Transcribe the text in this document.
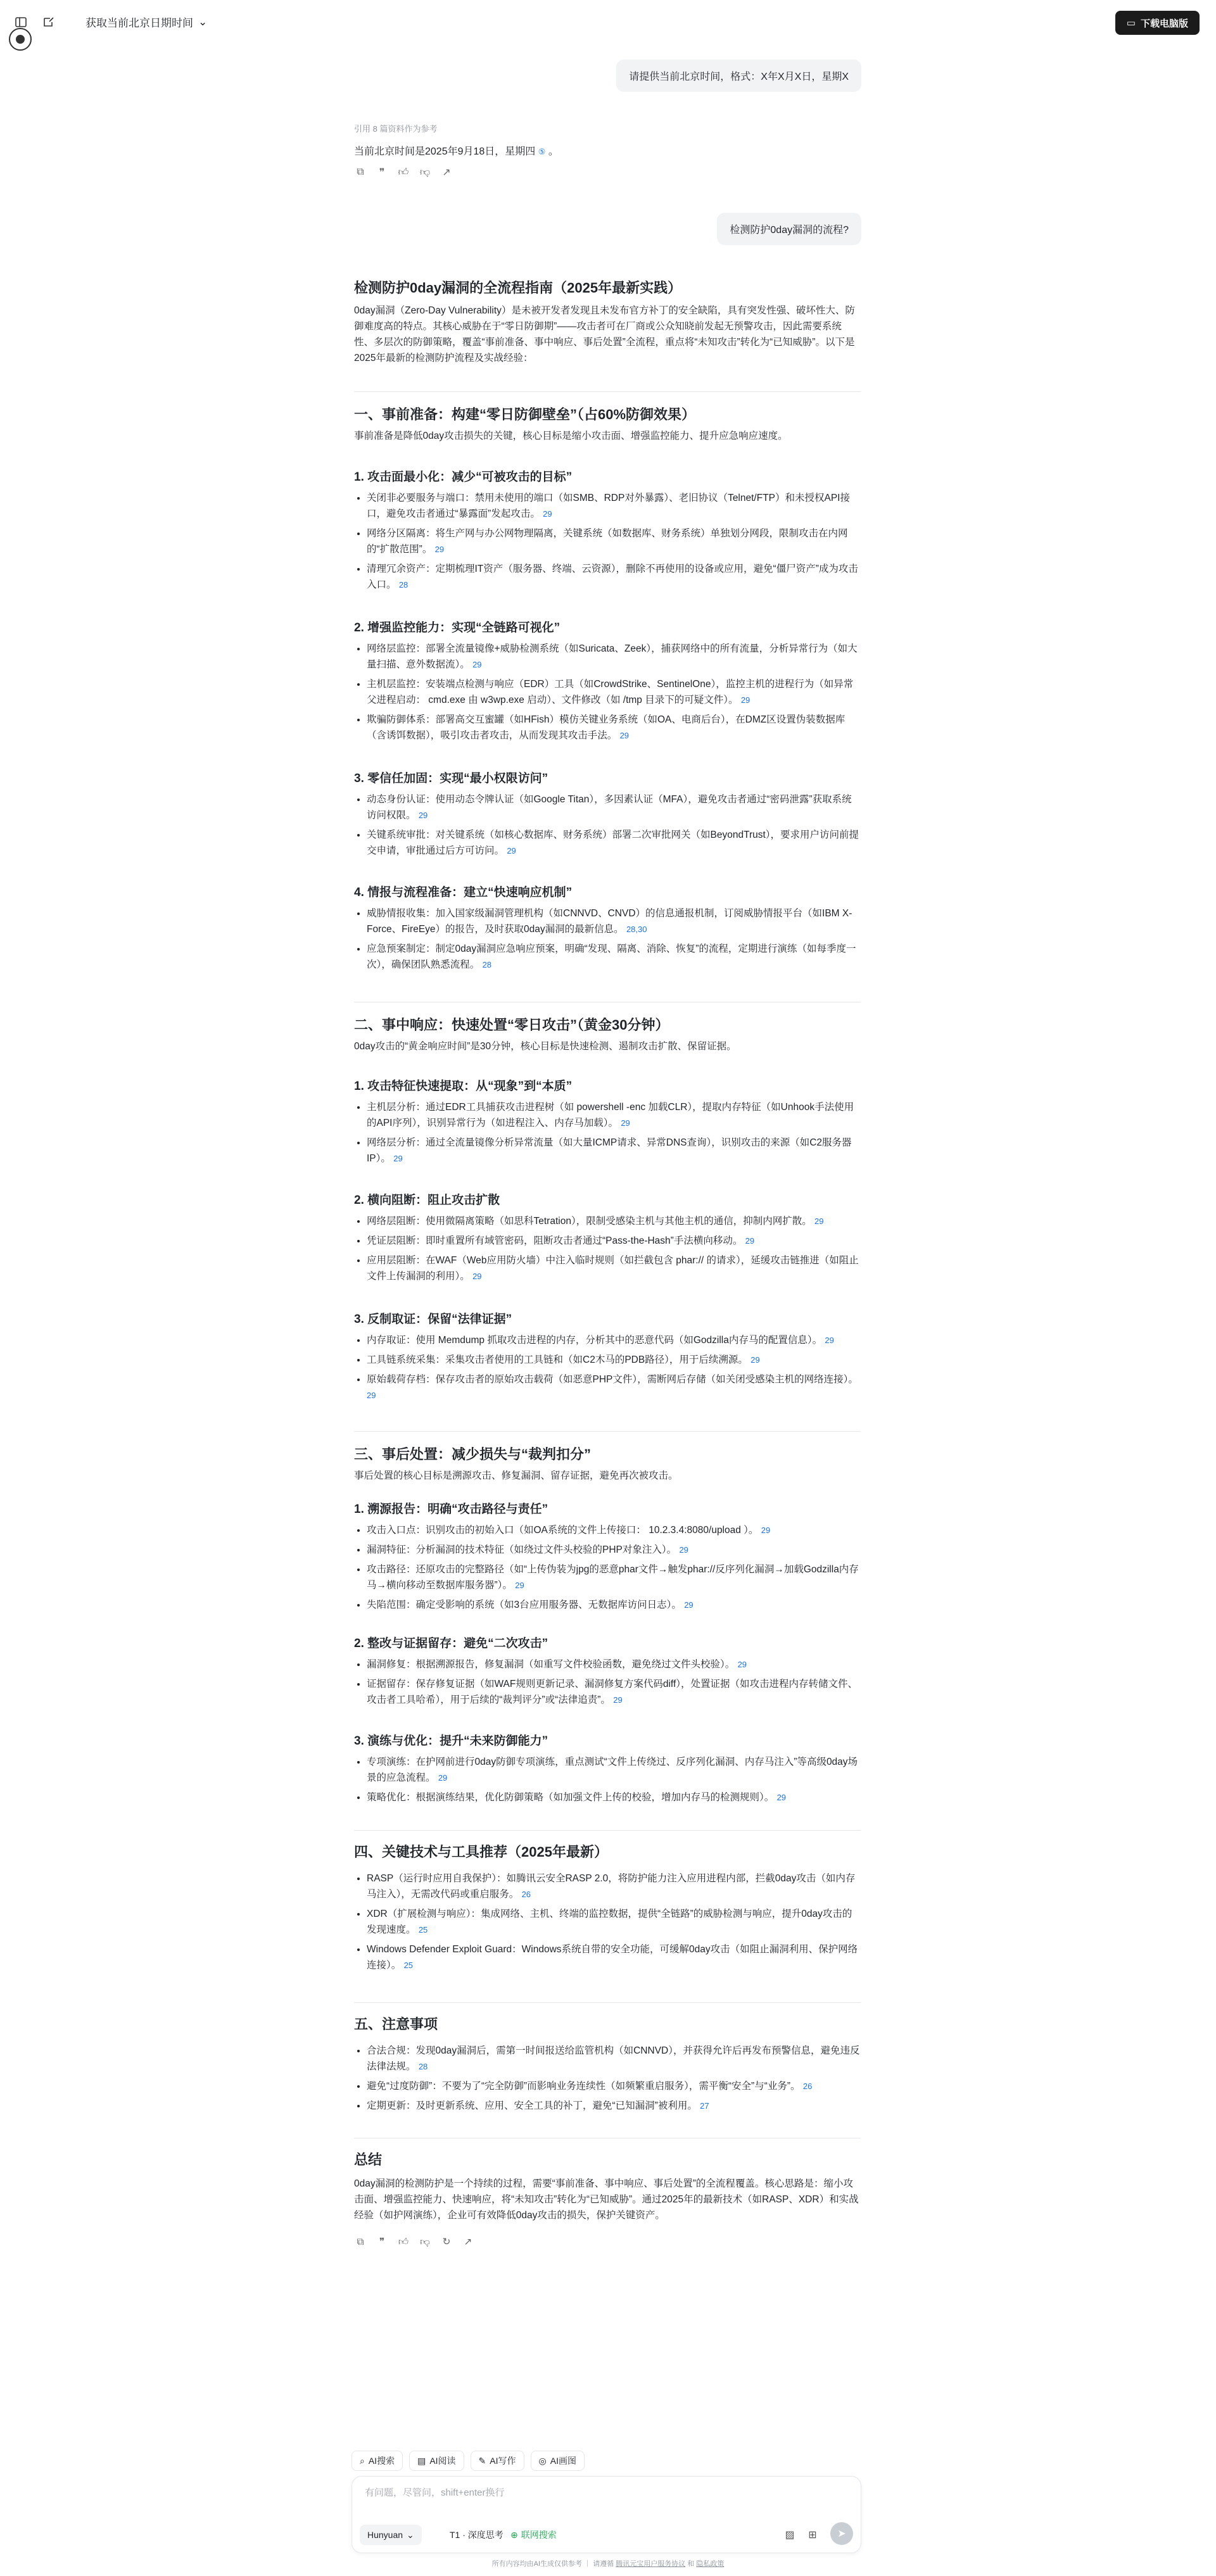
获取当前北京日期时间 ⌄	▭ 下载电脑版
请提供当前北京时间，格式：X年X月X日，星期X
引用 8 篇资料作为参考
当前北京时间是2025年9月18日，星期四 ⑤ 。
⧉	❞	👍︎ 👎︎ ↗
检测防护0day漏洞的流程?
检测防护0day漏洞的全流程指南（2025年最新实践）

0day漏洞（Zero-Day Vulnerability）是未被开发者发现且未发布官方补丁的安全缺陷，具有突发性强、破坏性大、防御难度高的特点。其核心威胁在于“零日防御期”——攻击者可在厂商或公众知晓前发起无预警攻击，因此需要系统性、多层次的防御策略，覆盖“事前准备、事中响应、事后处置”全流程，重点将“未知攻击”转化为“已知威胁”。以下是2025年最新的检测防护流程及实战经验：

一、事前准备：构建“零日防御壁垒”（占60%防御效果）

事前准备是降低0day攻击损失的关键，核心目标是缩小攻击面、增强监控能力、提升应急响应速度。

1. 攻击面最小化：减少“可被攻击的目标”
• 关闭非必要服务与端口：禁用未使用的端口（如SMB、RDP对外暴露）、老旧协议（Telnet/FTP）和未授权API接口，避免攻击者通过“暴露面”发起攻击。 29
• 网络分区隔离：将生产网与办公网物理隔离，关键系统（如数据库、财务系统）单独划分网段，限制攻击在内网的“扩散范围”。 29
• 清理冗余资产：定期梳理IT资产（服务器、终端、云资源），删除不再使用的设备或应用，避免“僵尸资产”成为攻击入口。 28
2. 增强监控能力：实现“全链路可视化”
• 网络层监控：部署全流量镜像+威胁检测系统（如Suricata、Zeek），捕获网络中的所有流量，分析异常行为（如大量扫描、意外数据流）。 29
• 主机层监控：安装端点检测与响应（EDR）工具（如CrowdStrike、SentinelOne），监控主机的进程行为（如异常父进程启动： cmd.exe 由 w3wp.exe 启动）、文件修改（如 /tmp 目录下的可疑文件）。 29
• 欺骗防御体系：部署高交互蜜罐（如HFish）模仿关键业务系统（如OA、电商后台），在DMZ区设置伪装数据库（含诱饵数据），吸引攻击者攻击，从而发现其攻击手法。 29
3. 零信任加固：实现“最小权限访问”
• 动态身份认证：使用动态令牌认证（如Google Titan），多因素认证（MFA），避免攻击者通过“密码泄露”获取系统访问权限。 29
• 关键系统审批：对关键系统（如核心数据库、财务系统）部署二次审批网关（如BeyondTrust），要求用户访问前提交申请，审批通过后方可访问。 29
4. 情报与流程准备：建立“快速响应机制”
• 威胁情报收集：加入国家级漏洞管理机构（如CNNVD、CNVD）的信息通报机制，订阅威胁情报平台（如IBM X-Force、FireEye）的报告，及时获取0day漏洞的最新信息。 28,30
• 应急预案制定：制定0day漏洞应急响应预案，明确“发现、隔离、消除、恢复”的流程，定期进行演练（如每季度一次），确保团队熟悉流程。 28
二、事中响应：快速处置“零日攻击”（黄金30分钟）

0day攻击的“黄金响应时间”是30分钟，核心目标是快速检测、遏制攻击扩散、保留证据。

1. 攻击特征快速提取：从“现象”到“本质”
• 主机层分析：通过EDR工具捕获攻击进程树（如 powershell -enc 加载CLR），提取内存特征（如Unhook手法使用的API序列），识别异常行为（如进程注入、内存马加载）。 29
• 网络层分析：通过全流量镜像分析异常流量（如大量ICMP请求、异常DNS查询），识别攻击的来源（如C2服务器IP）。 29
2. 横向阻断：阻止攻击扩散
• 网络层阻断：使用微隔离策略（如思科Tetration），限制受感染主机与其他主机的通信，抑制内网扩散。 29
• 凭证层阻断：即时重置所有域管密码，阻断攻击者通过“Pass-the-Hash”手法横向移动。 29
• 应用层阻断：在WAF（Web应用防火墙）中注入临时规则（如拦截包含 phar:// 的请求），延缓攻击链推进（如阻止文件上传漏洞的利用）。 29
3. 反制取证：保留“法律证据”
• 内存取证：使用 Memdump 抓取攻击进程的内存，分析其中的恶意代码（如Godzilla内存马的配置信息）。 29
• 工具链系统采集：采集攻击者使用的工具链和（如C2木马的PDB路径），用于后续溯源。 29
• 原始载荷存档：保存攻击者的原始攻击载荷（如恶意PHP文件），需断网后存储（如关闭受感染主机的网络连接）。 29
三、事后处置：减少损失与“裁判扣分”

事后处置的核心目标是溯源攻击、修复漏洞、留存证据，避免再次被攻击。

1. 溯源报告：明确“攻击路径与责任”
• 攻击入口点：识别攻击的初始入口（如OA系统的文件上传接口： 10.2.3.4:8080/upload ）。 29
• 漏洞特征：分析漏洞的技术特征（如绕过文件头校验的PHP对象注入）。 29
• 攻击路径：还原攻击的完整路径（如“上传伪装为jpg的恶意phar文件→触发phar://反序列化漏洞→加载Godzilla内存马→横向移动至数据库服务器”）。 29
• 失陷范围：确定受影响的系统（如3台应用服务器、无数据库访问日志）。 29
2. 整改与证据留存：避免“二次攻击”
• 漏洞修复：根据溯源报告，修复漏洞（如重写文件校验函数，避免绕过文件头校验）。 29
• 证据留存：保存修复证据（如WAF规则更新记录、漏洞修复方案代码diff），处置证据（如攻击进程内存转储文件、攻击者工具哈希），用于后续的“裁判评分”或“法律追责”。 29
3. 演练与优化：提升“未来防御能力”
• 专项演练：在护网前进行0day防御专项演练，重点测试“文件上传绕过、反序列化漏洞、内存马注入”等高级0day场景的应急流程。 29
• 策略优化：根据演练结果，优化防御策略（如加强文件上传的校验，增加内存马的检测规则）。 29
四、关键技术与工具推荐（2025年最新）
• RASP（运行时应用自我保护）：如腾讯云安全RASP 2.0，将防护能力注入应用进程内部，拦截0day攻击（如内存马注入），无需改代码或重启服务。 26
• XDR（扩展检测与响应）：集成网络、主机、终端的监控数据，提供“全链路”的威胁检测与响应，提升0day攻击的发现速度。 25
• Windows Defender Exploit Guard：Windows系统自带的安全功能，可缓解0day攻击（如阻止漏洞利用、保护网络连接）。 25
五、注意事项
• 合法合规：发现0day漏洞后，需第一时间报送给监管机构（如CNNVD），并获得允许后再发布预警信息，避免违反法律法规。 28
• 避免“过度防御”：不要为了“完全防御”而影响业务连续性（如频繁重启服务），需平衡“安全”与“业务”。 26
• 定期更新：及时更新系统、应用、安全工具的补丁，避免“已知漏洞”被利用。 27
总结

0day漏洞的检测防护是一个持续的过程，需要“事前准备、事中响应、事后处置”的全流程覆盖。核心思路是：缩小攻击面、增强监控能力、快速响应，将“未知攻击”转化为“已知威胁”。通过2025年的最新技术（如RASP、XDR）和实战经验（如护网演练），企业可有效降低0day攻击的损失，保护关键资产。

⧉	❞	👍︎ 👎︎ ↻ ↗
⌕ AI搜索	▤ AI阅读	✎ AI写作	◎ AI画图
有问题，尽管问，shift+enter换行
Hunyuan ⌄	T1 · 深度思考 ⊕ 联网搜索	▨	⊞	➤
所有内容均由AI生成仅供参考 ｜ 请遵循 腾讯元宝用户服务协议 和 隐私政策
